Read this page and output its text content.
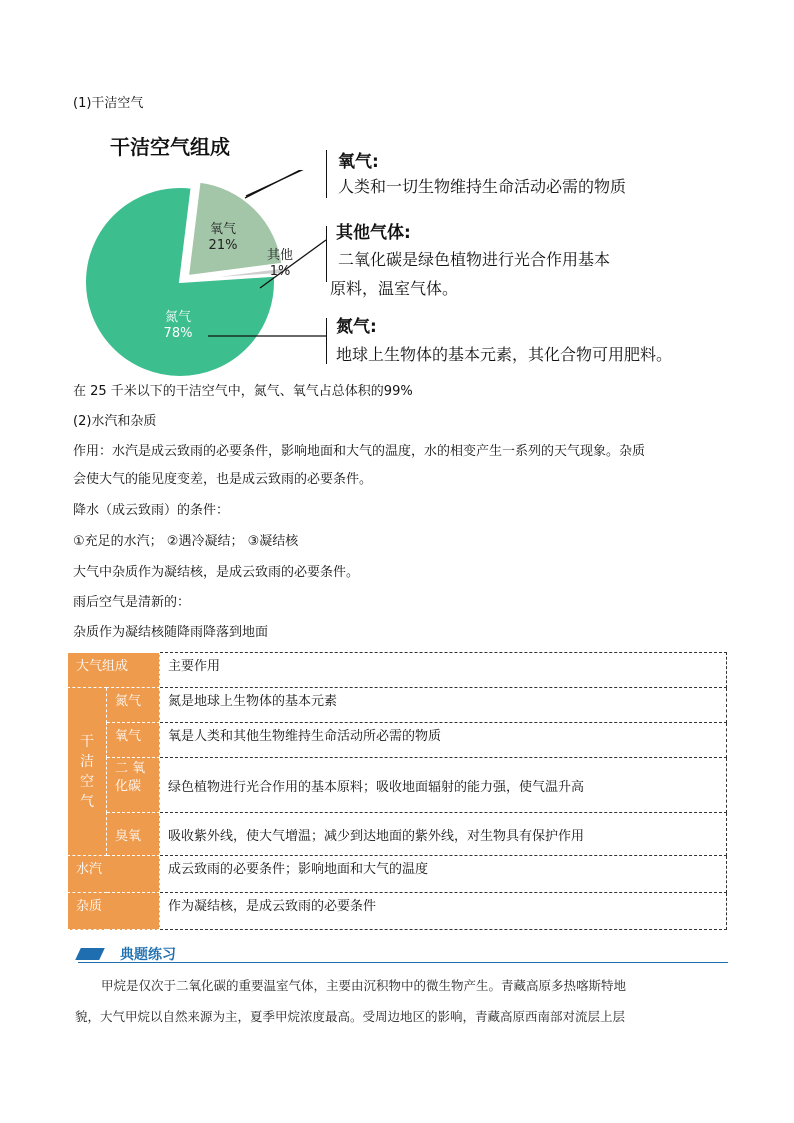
(1)干洁空气
干洁空气组成
氧气
21%
其他
1%
氮气
78%
氧气:
人类和一切生物维持生命活动必需的物质
其他气体:
二氧化碳是绿色植物进行光合作用基本
原料，温室气体。
氮气:
地球上生物体的基本元素，其化合物可用肥料。
在 25 千米以下的干洁空气中，氮气、氧气占总体积的99%
(2)水汽和杂质
作用：水汽是成云致雨的必要条件，影响地面和大气的温度，水的相变产生一系列的天气现象。杂质
会使大气的能见度变差，也是成云致雨的必要条件。
降水（成云致雨）的条件：
①充足的水汽； ②遇冷凝结； ③凝结核
大气中杂质作为凝结核，是成云致雨的必要条件。
雨后空气是清新的：
杂质作为凝结核随降雨降落到地面
大气组成		主要作用
干洁空气	氮气	氮是地球上生物体的基本元素
	氧气	氧是人类和其他生物维持生命活动所必需的物质
	二 氧化碳	绿色植物进行光合作用的基本原料；吸收地面辐射的能力强，使气温升高
	臭氧	吸收紫外线，使大气增温；减少到达地面的紫外线，对生物具有保护作用
水汽		成云致雨的必要条件；影响地面和大气的温度
杂质		作为凝结核，是成云致雨的必要条件
典题练习
甲烷是仅次于二氧化碳的重要温室气体，主要由沉积物中的微生物产生。青藏高原多热喀斯特地
貌，大气甲烷以自然来源为主，夏季甲烷浓度最高。受周边地区的影响，青藏高原西南部对流层上层
